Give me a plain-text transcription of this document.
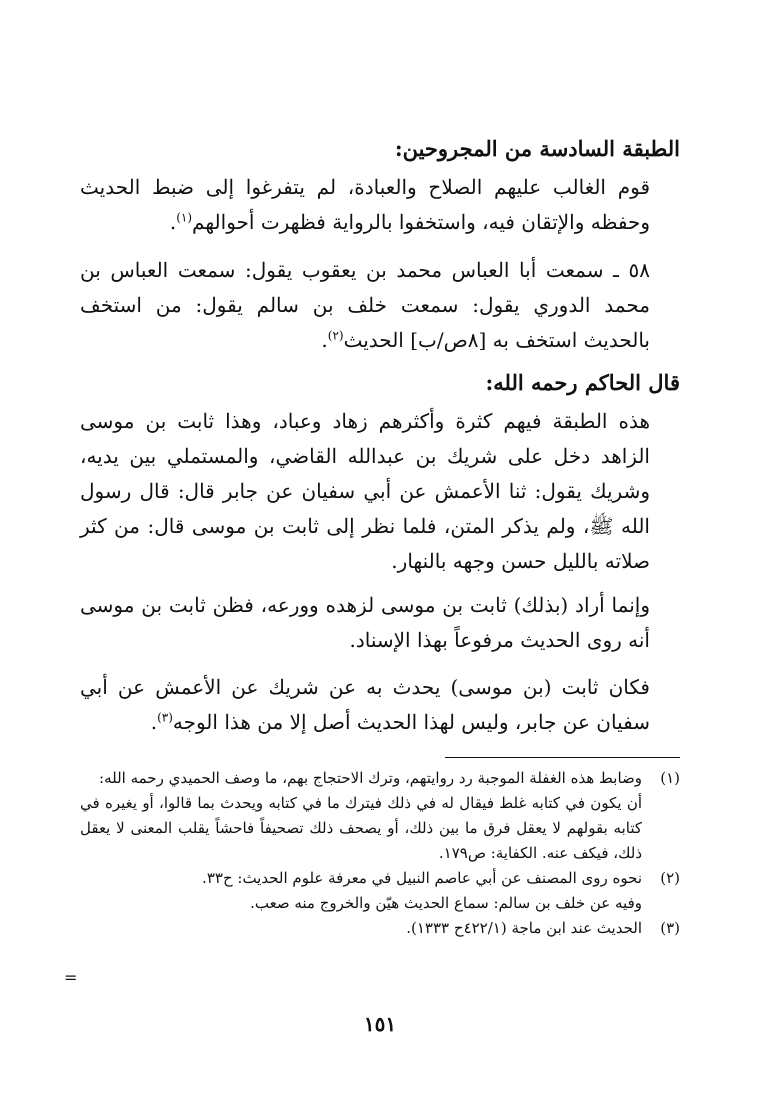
الطبقة السادسة من المجروحين:

قوم الغالب عليهم الصلاح والعبادة، لم يتفرغوا إلى ضبط الحديث وحفظه والإتقان فيه، واستخفوا بالرواية فظهرت أحوالهم$^{(١)}$.

٥٨ ـ سمعت أبا العباس محمد بن يعقوب يقول: سمعت العباس بن محمد الدوري يقول: سمعت خلف بن سالم يقول: من استخف بالحديث استخف به [٨ص/ب] الحديث$^{(٢)}$.

قال الحاكم رحمه الله:

هذه الطبقة فيهم كثرة وأكثرهم زهاد وعباد، وهذا ثابت بن موسى الزاهد دخل على شريك بن عبدالله القاضي، والمستملي بين يديه، وشريك يقول: ثنا الأعمش عن أبي سفيان عن جابر قال: قال رسول الله ﷺ، ولم يذكر المتن، فلما نظر إلى ثابت بن موسى قال: من كثر صلاته بالليل حسن وجهه بالنهار.

وإنما أراد (بذلك) ثابت بن موسى لزهده وورعه، فظن ثابت بن موسى أنه روى الحديث مرفوعاً بهذا الإسناد.

فكان ثابت (بن موسى) يحدث به عن شريك عن الأعمش عن أبي سفيان عن جابر، وليس لهذا الحديث أصل إلا من هذا الوجه$^{(٣)}$.

(١)
وضابط هذه الغفلة الموجبة رد روايتهم، وترك الاحتجاج بهم، ما وصف الحميدي رحمه الله:
أن يكون في كتابه غلط فيقال له في ذلك فيترك ما في كتابه ويحدث بما قالوا، أو يغيره في كتابه بقولهم لا يعقل فرق ما بين ذلك، أو يصحف ذلك تصحيفاً فاحشاً يقلب المعنى لا يعقل ذلك، فيكف عنه. الكفاية: ص١٧٩.
(٢)
نحوه روى المصنف عن أبي عاصم النبيل في معرفة علوم الحديث: ح٣٣.
وفيه عن خلف بن سالم: سماع الحديث هيّن والخروج منه صعب.
(٣)
الحديث عند ابن ماجة (٤٢٢/١ح ١٣٣٣).
=
١٥١
